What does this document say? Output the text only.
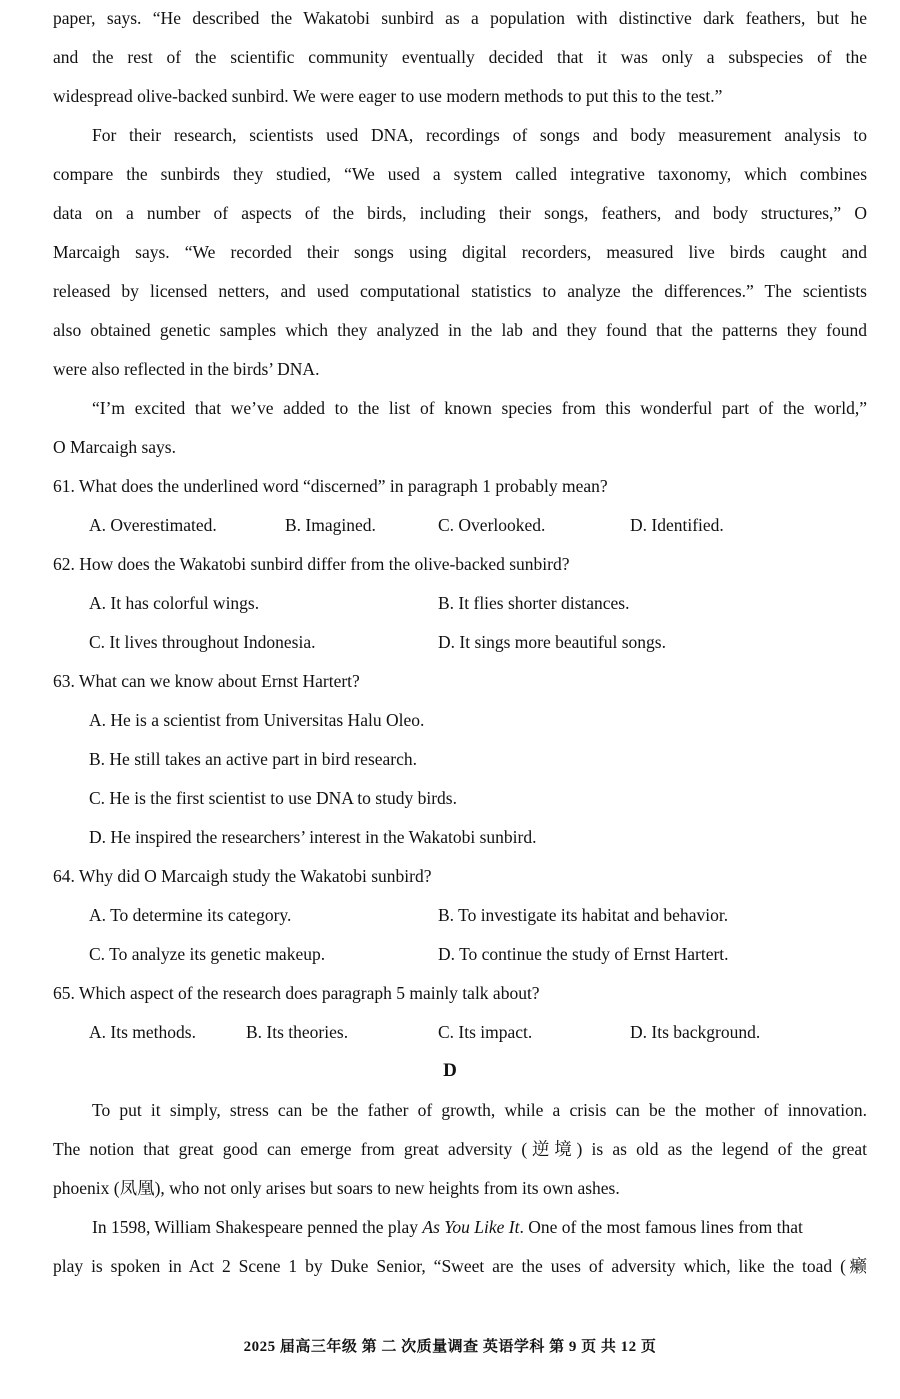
paper, says. “He described the Wakatobi sunbird as a population with distinctive dark feathers, but he
and the rest of the scientific community eventually decided that it was only a subspecies of the
widespread olive-backed sunbird. We were eager to use modern methods to put this to the test.”
For their research, scientists used DNA, recordings of songs and body measurement analysis to
compare the sunbirds they studied, “We used a system called integrative taxonomy, which combines
data on a number of aspects of the birds, including their songs, feathers, and body structures,” O
Marcaigh says. “We recorded their songs using digital recorders, measured live birds caught and
released by licensed netters, and used computational statistics to analyze the differences.” The scientists
also obtained genetic samples which they analyzed in the lab and they found that the patterns they found
were also reflected in the birds’ DNA.
“I’m excited that we’ve added to the list of known species from this wonderful part of the world,”
O Marcaigh says.
61. What does the underlined word “discerned” in paragraph 1 probably mean?
A. Overestimated.	B. Imagined.	C. Overlooked.	D. Identified.
62. How does the Wakatobi sunbird differ from the olive-backed sunbird?
A. It has colorful wings.	B. It flies shorter distances.
C. It lives throughout Indonesia.	D. It sings more beautiful songs.
63. What can we know about Ernst Hartert?
A. He is a scientist from Universitas Halu Oleo.
B. He still takes an active part in bird research.
C. He is the first scientist to use DNA to study birds.
D. He inspired the researchers’ interest in the Wakatobi sunbird.
64. Why did O Marcaigh study the Wakatobi sunbird?
A. To determine its category.	B. To investigate its habitat and behavior.
C. To analyze its genetic makeup.	D. To continue the study of Ernst Hartert.
65. Which aspect of the research does paragraph 5 mainly talk about?
A. Its methods.	B. Its theories.	C. Its impact.	D. Its background.
D
To put it simply, stress can be the father of growth, while a crisis can be the mother of innovation.
The notion that great good can emerge from great adversity (逆境) is as old as the legend of the great
phoenix (凤凰), who not only arises but soars to new heights from its own ashes.
In 1598, William Shakespeare penned the play As You Like It. One of the most famous lines from that
play is spoken in Act 2 Scene 1 by Duke Senior, “Sweet are the uses of adversity which, like the toad (癞
2025 届高三年级 第 二 次质量调查 英语学科 第 9 页 共 12 页
